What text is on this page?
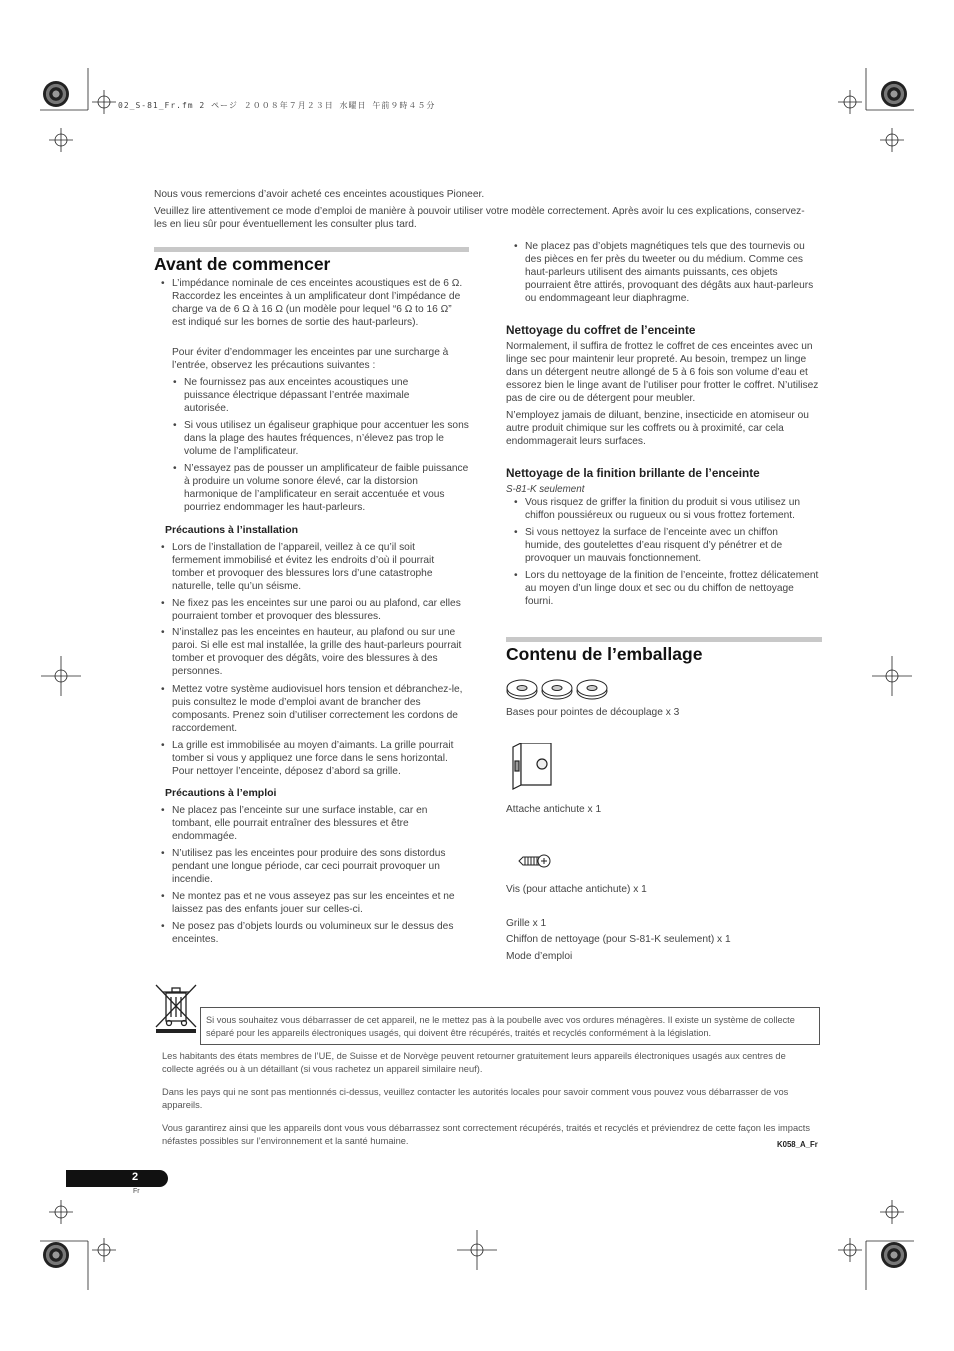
02_S-81_Fr.fm 2 ページ ２００８年７月２３日 水曜日 午前９時４５分

Nous vous remercions d’avoir acheté ces enceintes acoustiques Pioneer.

Veuillez lire attentivement ce mode d’emploi de manière à pouvoir utiliser votre modèle correctement. Après avoir lu ces explications, conservez-les en lieu sûr pour éventuellement les consulter plus tard.

Avant de commencer
• L’impédance nominale de ces enceintes acoustiques est de 6 Ω. Raccordez les enceintes à un amplificateur dont l’impédance de charge va de 6 Ω à 16 Ω (un modèle pour lequel “6 Ω to 16 Ω” est indiqué sur les bornes de sortie des haut-parleurs).
Pour éviter d’endommager les enceintes par une surcharge à l’entrée, observez les précautions suivantes :
• Ne fournissez pas aux enceintes acoustiques une puissance électrique dépassant l’entrée maximale autorisée.
• Si vous utilisez un égaliseur graphique pour accentuer les sons dans la plage des hautes fréquences, n’élevez pas trop le volume de l’amplificateur.
• N’essayez pas de pousser un amplificateur de faible puissance à produire un volume sonore élevé, car la distorsion harmonique de l’amplificateur en serait accentuée et vous pourriez endommager les haut-parleurs.
Précautions à l’installation
• Lors de l’installation de l’appareil, veillez à ce qu’il soit fermement immobilisé et évitez les endroits d’où il pourrait tomber et provoquer des blessures lors d’une catastrophe naturelle, telle qu’un séisme.
• Ne fixez pas les enceintes sur une paroi ou au plafond, car elles pourraient tomber et provoquer des blessures.
• N’installez pas les enceintes en hauteur, au plafond ou sur une paroi. Si elle est mal installée, la grille des haut-parleurs pourrait tomber et provoquer des dégâts, voire des blessures à des personnes.
• Mettez votre système audiovisuel hors tension et débranchez-le, puis consultez le mode d’emploi avant de brancher des composants. Prenez soin d’utiliser correctement les cordons de raccordement.
• La grille est immobilisée au moyen d’aimants. La grille pourrait tomber si vous y appliquez une force dans le sens horizontal. Pour nettoyer l’enceinte, déposez d’abord sa grille.
Précautions à l’emploi
• Ne placez pas l’enceinte sur une surface instable, car en tombant, elle pourrait entraîner des blessures et être endommagée.
• N’utilisez pas les enceintes pour produire des sons distordus pendant une longue période, car ceci pourrait provoquer un incendie.
• Ne montez pas et ne vous asseyez pas sur les enceintes et ne laissez pas des enfants jouer sur celles-ci.
• Ne posez pas d’objets lourds ou volumineux sur le dessus des enceintes.
• Ne placez pas d’objets magnétiques tels que des tournevis ou des pièces en fer près du tweeter ou du médium. Comme ces haut-parleurs utilisent des aimants puissants, ces objets pourraient être attirés, provoquant des dégâts aux haut-parleurs ou endommageant leur diaphragme.
Nettoyage du coffret de l’enceinte

Normalement, il suffira de frottez le coffret de ces enceintes avec un linge sec pour maintenir leur propreté. Au besoin, trempez un linge dans un détergent neutre allongé de 5 à 6 fois son volume d’eau et essorez bien le linge avant de l’utiliser pour frotter le coffret. N’utilisez pas de cire ou de détergent pour meubler.

N’employez jamais de diluant, benzine, insecticide en atomiseur ou autre produit chimique sur les coffrets ou à proximité, car cela endommagerait leurs surfaces.

Nettoyage de la finition brillante de l’enceinte

S-81-K seulement

• Vous risquez de griffer la finition du produit si vous utilisez un chiffon poussiéreux ou rugueux ou si vous frottez fortement.
• Si vous nettoyez la surface de l’enceinte avec un chiffon humide, des goutelettes d’eau risquent d’y pénétrer et de provoquer un mauvais fonctionnement.
• Lors du nettoyage de la finition de l’enceinte, frottez délicatement au moyen d’un linge doux et sec ou du chiffon de nettoyage fourni.
Contenu de l’emballage

Bases pour pointes de découplage x 3

Attache antichute x 1

Vis (pour attache antichute) x 1

Grille x 1

Chiffon de nettoyage (pour S-81-K seulement) x 1

Mode d’emploi

Si vous souhaitez vous débarrasser de cet appareil, ne le mettez pas à la poubelle avec vos ordures ménagères. Il existe un système de collecte séparé pour les appareils électroniques usagés, qui doivent être récupérés, traités et recyclés conformément à la législation.

Les habitants des états membres de l’UE, de Suisse et de Norvège peuvent retourner gratuitement leurs appareils électroniques usagés aux centres de collecte agréés ou à un détaillant (si vous rachetez un appareil similaire neuf).

Dans les pays qui ne sont pas mentionnés ci-dessus, veuillez contacter les autorités locales pour savoir comment vous pouvez vous débarrasser de vos appareils.

Vous garantirez ainsi que les appareils dont vous vous débarrassez sont correctement récupérés, traités et recyclés et préviendrez de cette façon les impacts néfastes possibles sur l’environnement et la santé humaine.	K058_A_Fr

2
Fr
